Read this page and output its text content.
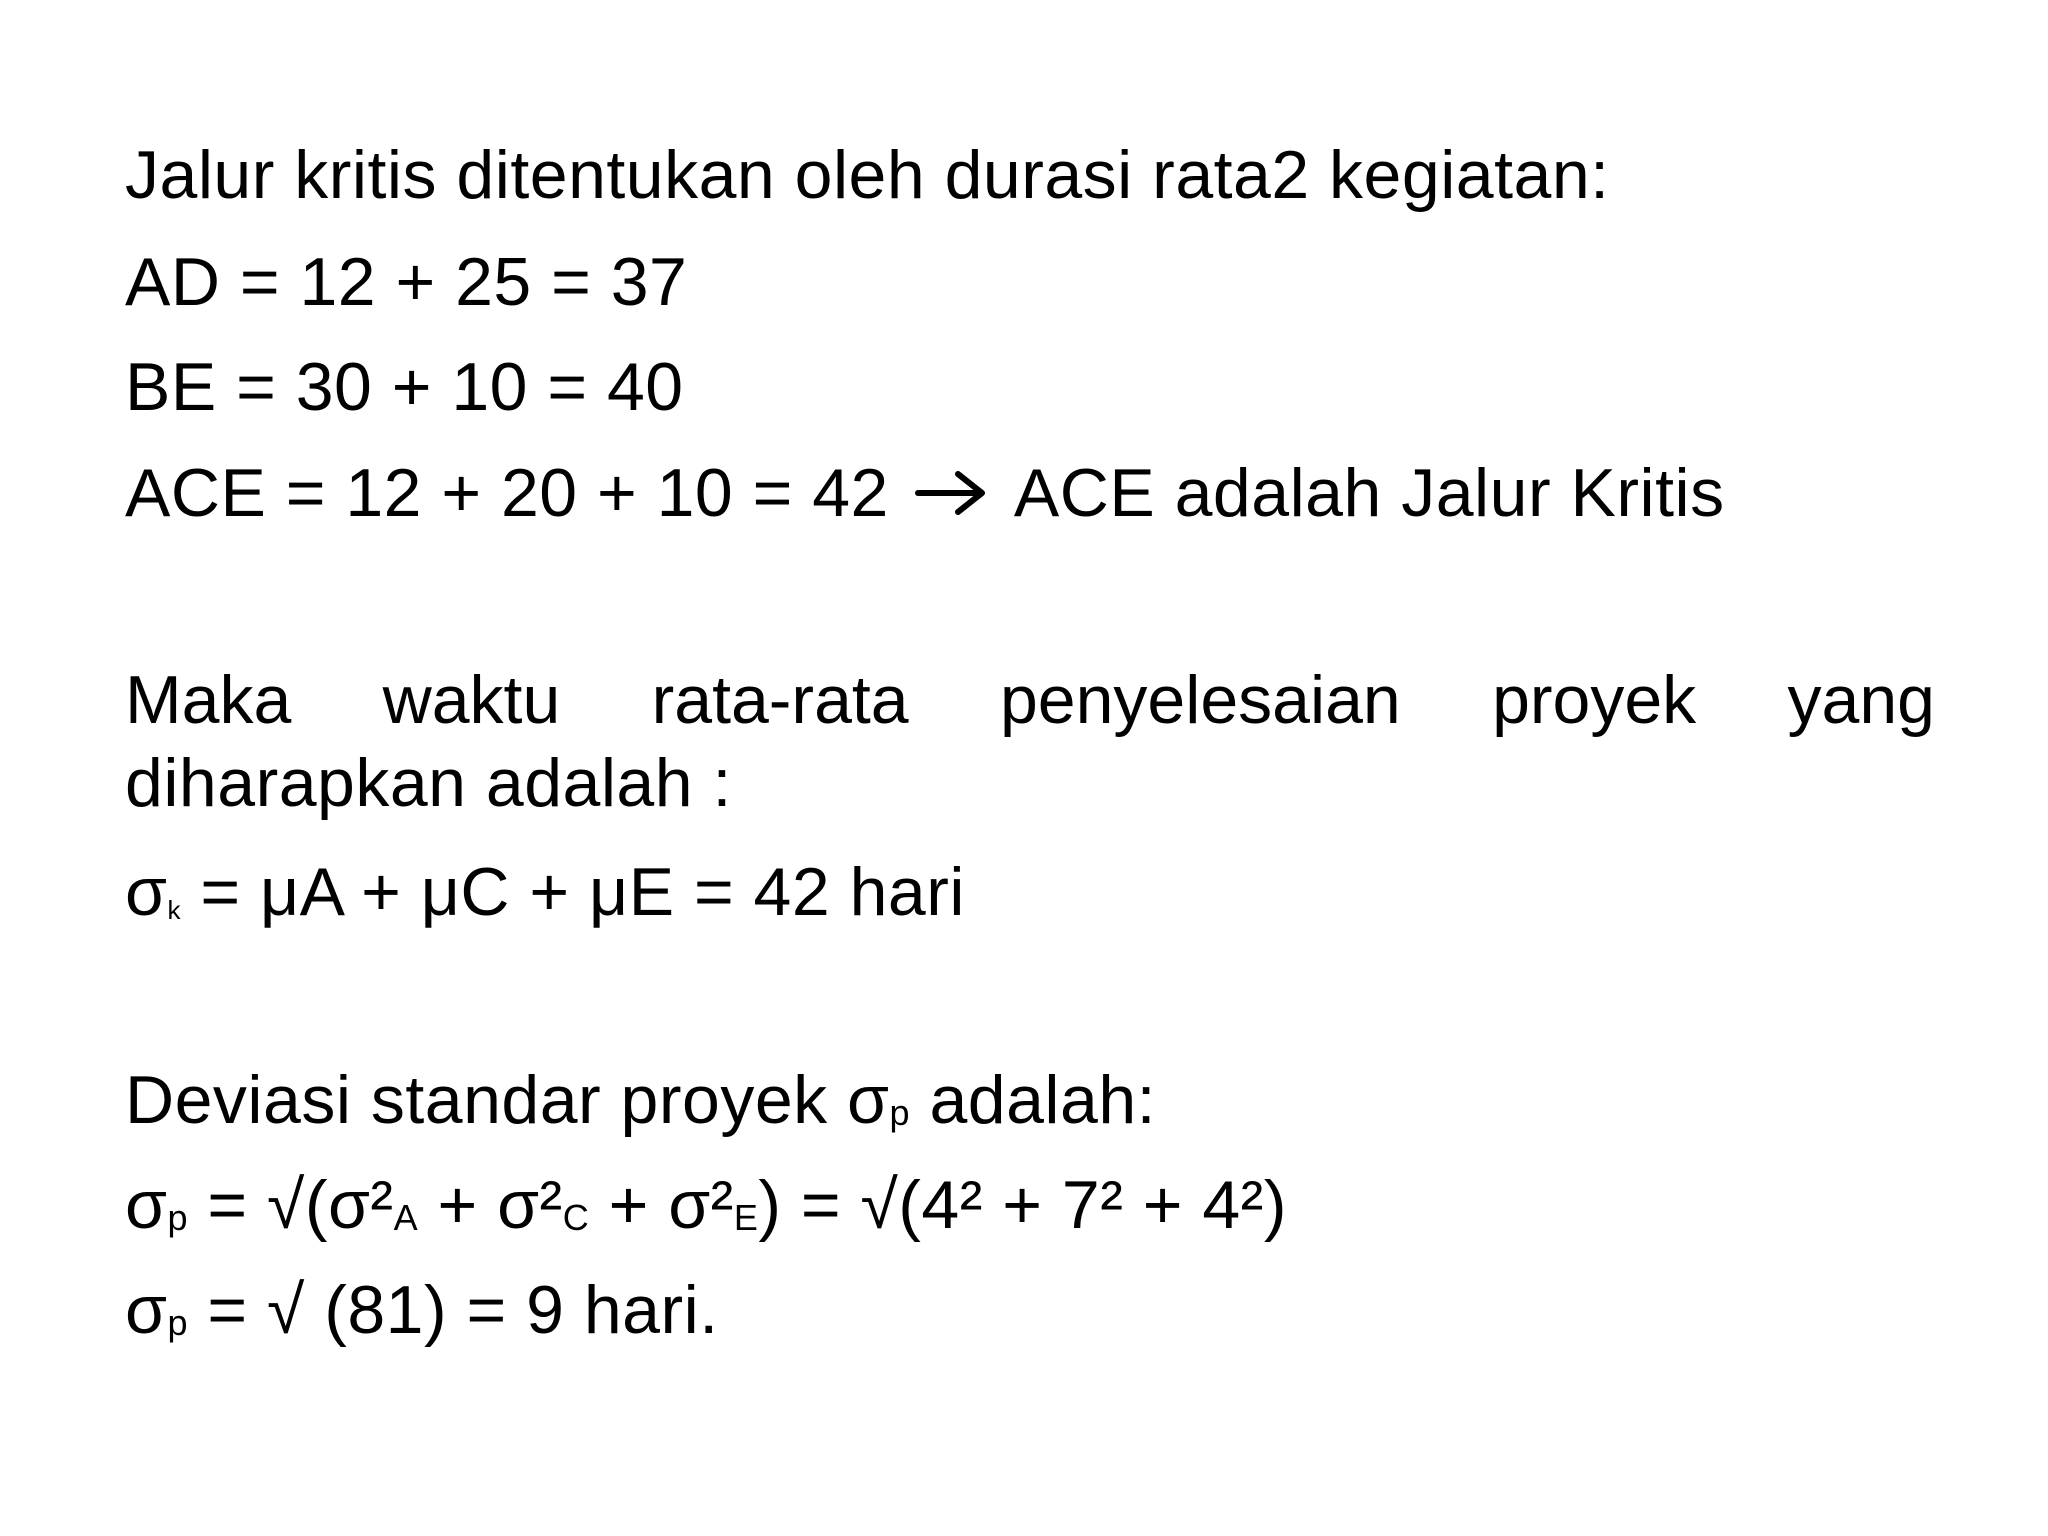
Jalur kritis ditentukan oleh durasi rata2 kegiatan:
AD = 12 + 25 = 37
BE = 30 + 10 = 40
ACE = 12 + 20 + 10 = 42 ACE adalah Jalur Kritis
Maka waktu rata-rata penyelesaian proyek yang
diharapkan adalah :
σk = μA + μC + μE = 42 hari
Deviasi standar proyek σp adalah:
σp = √(σ²A + σ²C + σ²E) = √(4² + 7² + 4²)
σp = √ (81) = 9 hari.
